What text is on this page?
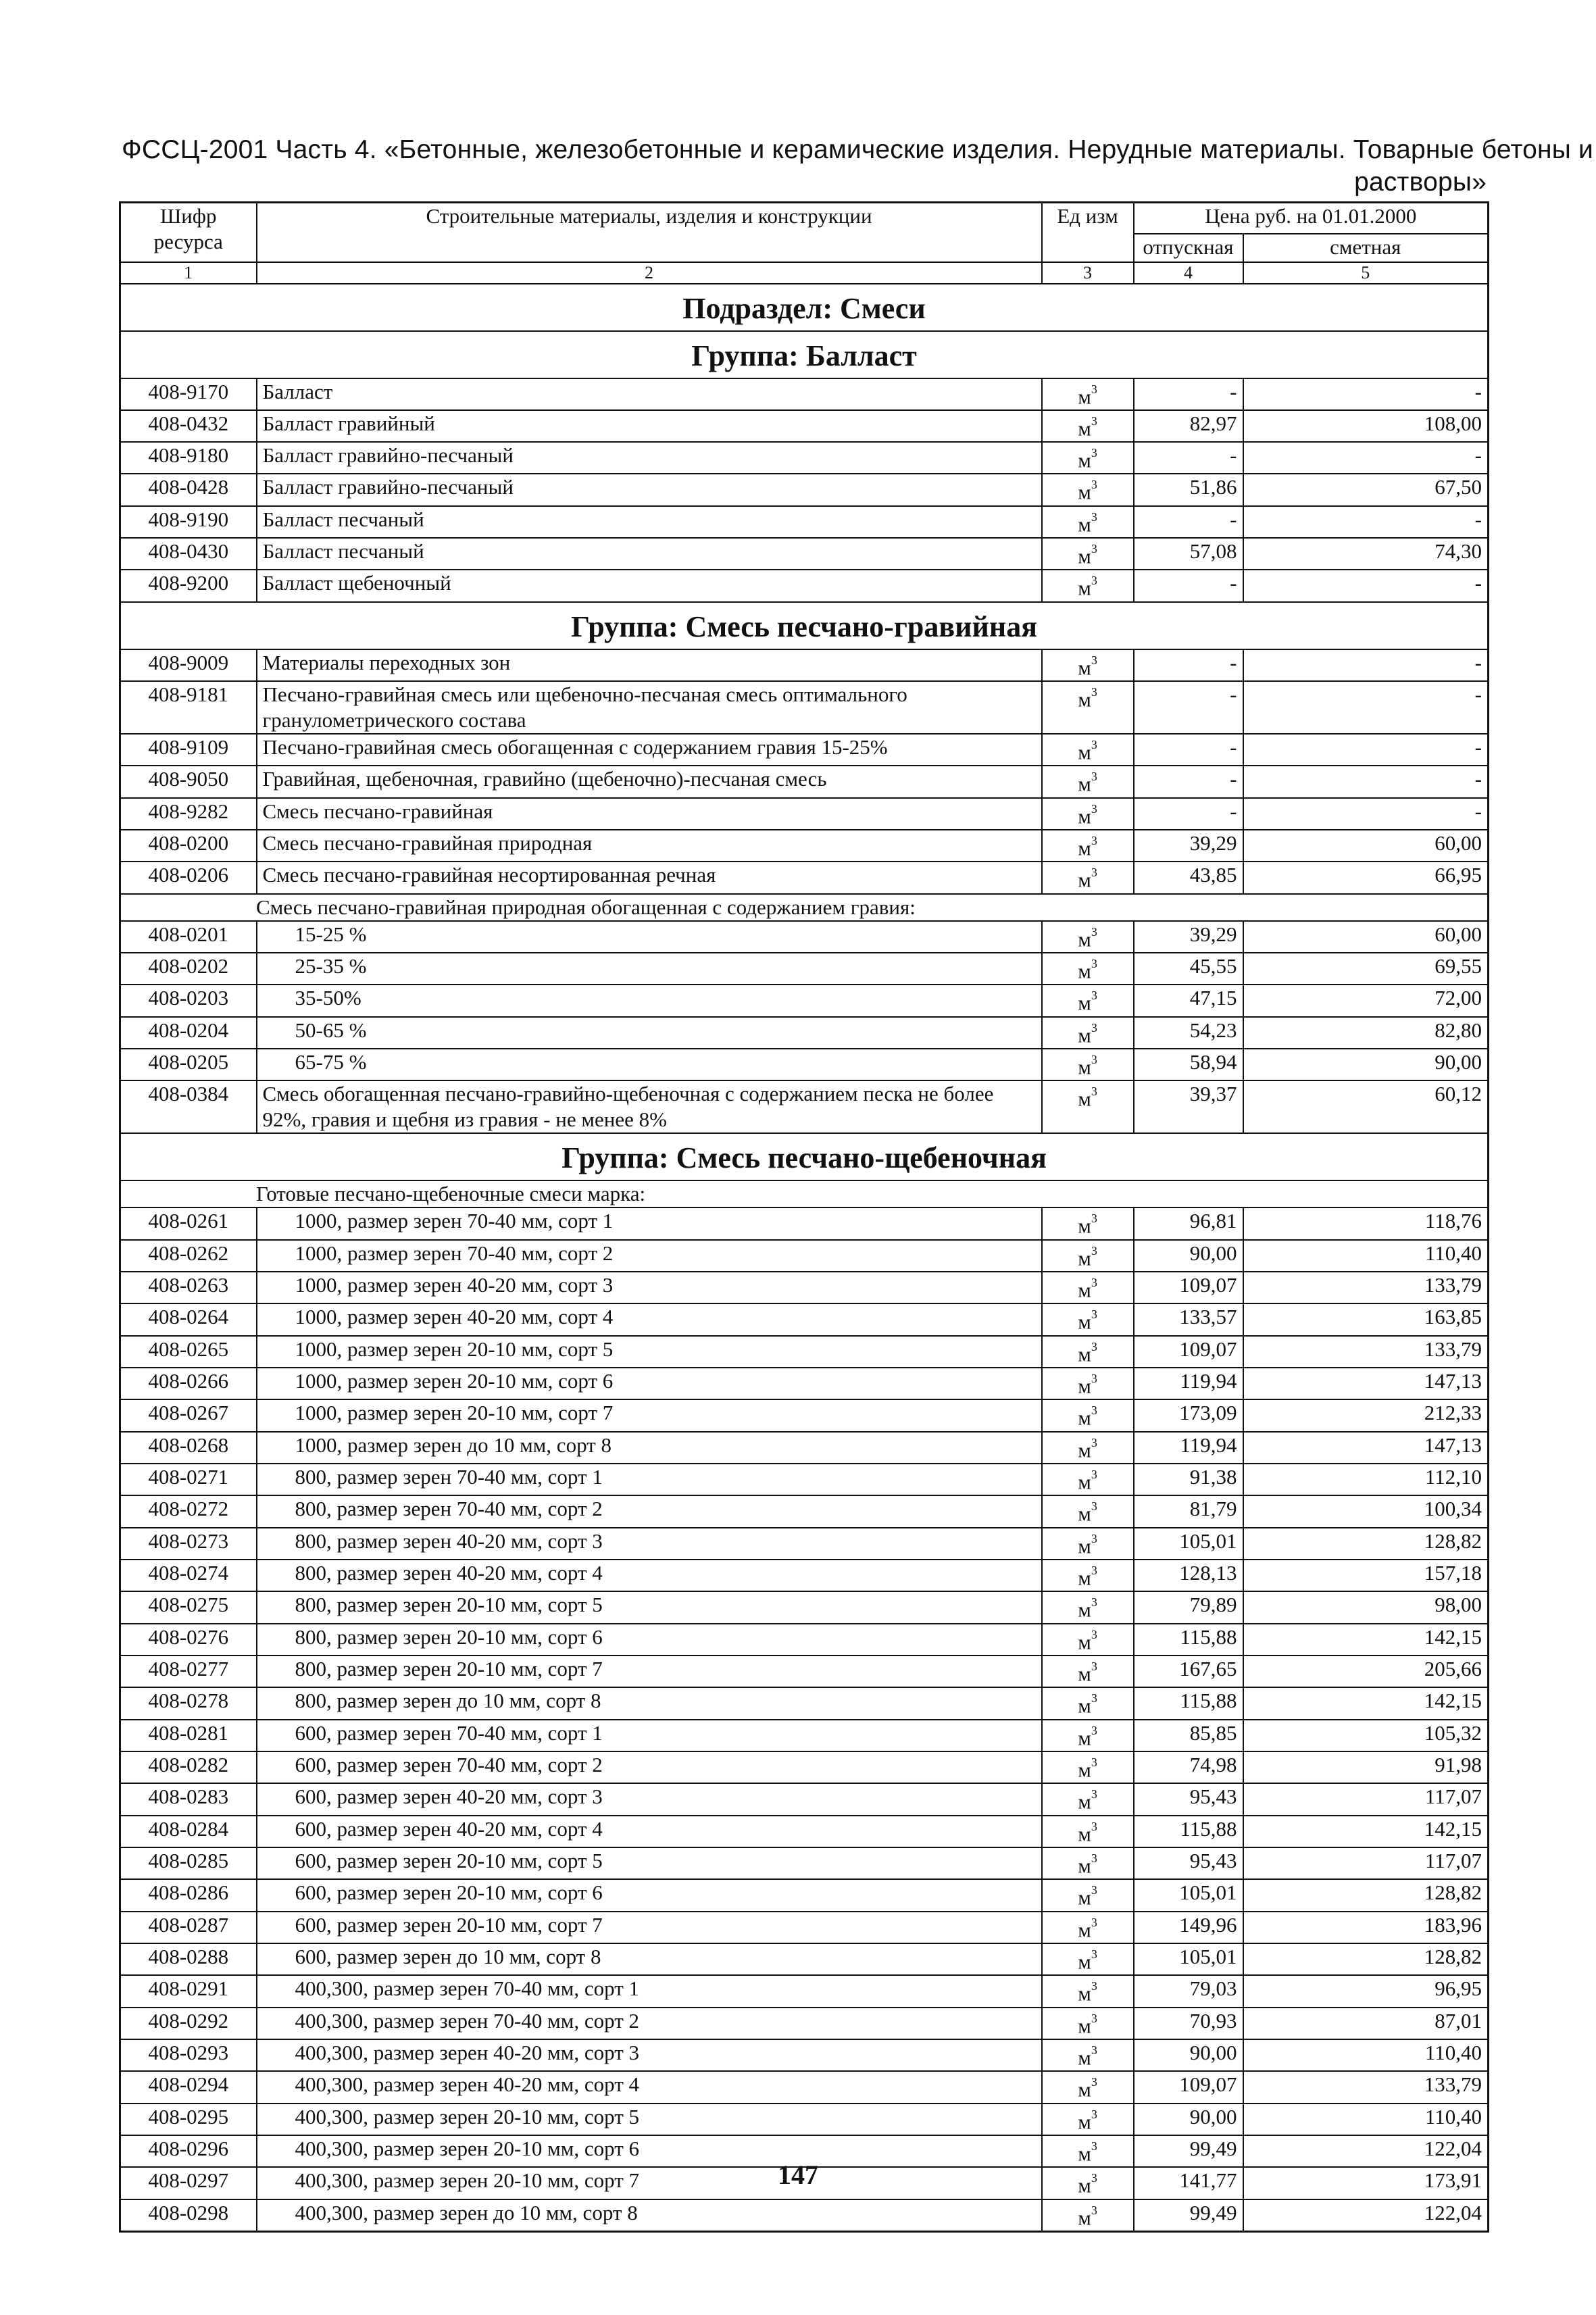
ФССЦ-2001 Часть 4. «Бетонные, железобетонные и керамические изделия. Нерудные материалы. Товарные бетоны и
растворы»
Шифр ресурса	Строительные материалы, изделия и конструкции	Ед изм	Цена руб. на 01.01.2000	
			отпускная	сметная
1	2	3	4	5
Подраздел: Смеси				
Группа: Балласт				
408-9170	Балласт	$м^3$	-	-
408-0432	Балласт гравийный	$м^3$	82,97	108,00
408-9180	Балласт гравийно-песчаный	$м^3$	-	-
408-0428	Балласт гравийно-песчаный	$м^3$	51,86	67,50
408-9190	Балласт песчаный	$м^3$	-	-
408-0430	Балласт песчаный	$м^3$	57,08	74,30
408-9200	Балласт щебеночный	$м^3$	-	-
Группа: Смесь песчано-гравийная				
408-9009	Материалы переходных зон	$м^3$	-	-
408-9181	Песчано-гравийная смесь или щебеночно-песчаная смесь оптимального гранулометрического состава	$м^3$	-	-
408-9109	Песчано-гравийная смесь обогащенная с содержанием гравия 15-25%	$м^3$	-	-
408-9050	Гравийная, щебеночная, гравийно (щебеночно)-песчаная смесь	$м^3$	-	-
408-9282	Смесь песчано-гравийная	$м^3$	-	-
408-0200	Смесь песчано-гравийная природная	$м^3$	39,29	60,00
408-0206	Смесь песчано-гравийная несортированная речная	$м^3$	43,85	66,95
Смесь песчано-гравийная природная обогащенная с содержанием гравия:				
408-0201	15-25 %	$м^3$	39,29	60,00
408-0202	25-35 %	$м^3$	45,55	69,55
408-0203	35-50%	$м^3$	47,15	72,00
408-0204	50-65 %	$м^3$	54,23	82,80
408-0205	65-75 %	$м^3$	58,94	90,00
408-0384	Смесь обогащенная песчано-гравийно-щебеночная с содержанием песка не более 92%, гравия и щебня из гравия - не менее 8%	$м^3$	39,37	60,12
Группа: Смесь песчано-щебеночная				
Готовые песчано-щебеночные смеси марка:				
408-0261	1000, размер зерен 70-40 мм, сорт 1	$м^3$	96,81	118,76
408-0262	1000, размер зерен 70-40 мм, сорт 2	$м^3$	90,00	110,40
408-0263	1000, размер зерен 40-20 мм, сорт 3	$м^3$	109,07	133,79
408-0264	1000, размер зерен 40-20 мм, сорт 4	$м^3$	133,57	163,85
408-0265	1000, размер зерен 20-10 мм, сорт 5	$м^3$	109,07	133,79
408-0266	1000, размер зерен 20-10 мм, сорт 6	$м^3$	119,94	147,13
408-0267	1000, размер зерен 20-10 мм, сорт 7	$м^3$	173,09	212,33
408-0268	1000, размер зерен до 10 мм, сорт 8	$м^3$	119,94	147,13
408-0271	800, размер зерен 70-40 мм, сорт 1	$м^3$	91,38	112,10
408-0272	800, размер зерен 70-40 мм, сорт 2	$м^3$	81,79	100,34
408-0273	800, размер зерен 40-20 мм, сорт 3	$м^3$	105,01	128,82
408-0274	800, размер зерен 40-20 мм, сорт 4	$м^3$	128,13	157,18
408-0275	800, размер зерен 20-10 мм, сорт 5	$м^3$	79,89	98,00
408-0276	800, размер зерен 20-10 мм, сорт 6	$м^3$	115,88	142,15
408-0277	800, размер зерен 20-10 мм, сорт 7	$м^3$	167,65	205,66
408-0278	800, размер зерен до 10 мм, сорт 8	$м^3$	115,88	142,15
408-0281	600, размер зерен 70-40 мм, сорт 1	$м^3$	85,85	105,32
408-0282	600, размер зерен 70-40 мм, сорт 2	$м^3$	74,98	91,98
408-0283	600, размер зерен 40-20 мм, сорт 3	$м^3$	95,43	117,07
408-0284	600, размер зерен 40-20 мм, сорт 4	$м^3$	115,88	142,15
408-0285	600, размер зерен 20-10 мм, сорт 5	$м^3$	95,43	117,07
408-0286	600, размер зерен 20-10 мм, сорт 6	$м^3$	105,01	128,82
408-0287	600, размер зерен 20-10 мм, сорт 7	$м^3$	149,96	183,96
408-0288	600, размер зерен до 10 мм, сорт 8	$м^3$	105,01	128,82
408-0291	400,300, размер зерен 70-40 мм, сорт 1	$м^3$	79,03	96,95
408-0292	400,300, размер зерен 70-40 мм, сорт 2	$м^3$	70,93	87,01
408-0293	400,300, размер зерен 40-20 мм, сорт 3	$м^3$	90,00	110,40
408-0294	400,300, размер зерен 40-20 мм, сорт 4	$м^3$	109,07	133,79
408-0295	400,300, размер зерен 20-10 мм, сорт 5	$м^3$	90,00	110,40
408-0296	400,300, размер зерен 20-10 мм, сорт 6	$м^3$	99,49	122,04
408-0297	400,300, размер зерен 20-10 мм, сорт 7	$м^3$	141,77	173,91
408-0298	400,300, размер зерен до 10 мм, сорт 8	$м^3$	99,49	122,04
147
